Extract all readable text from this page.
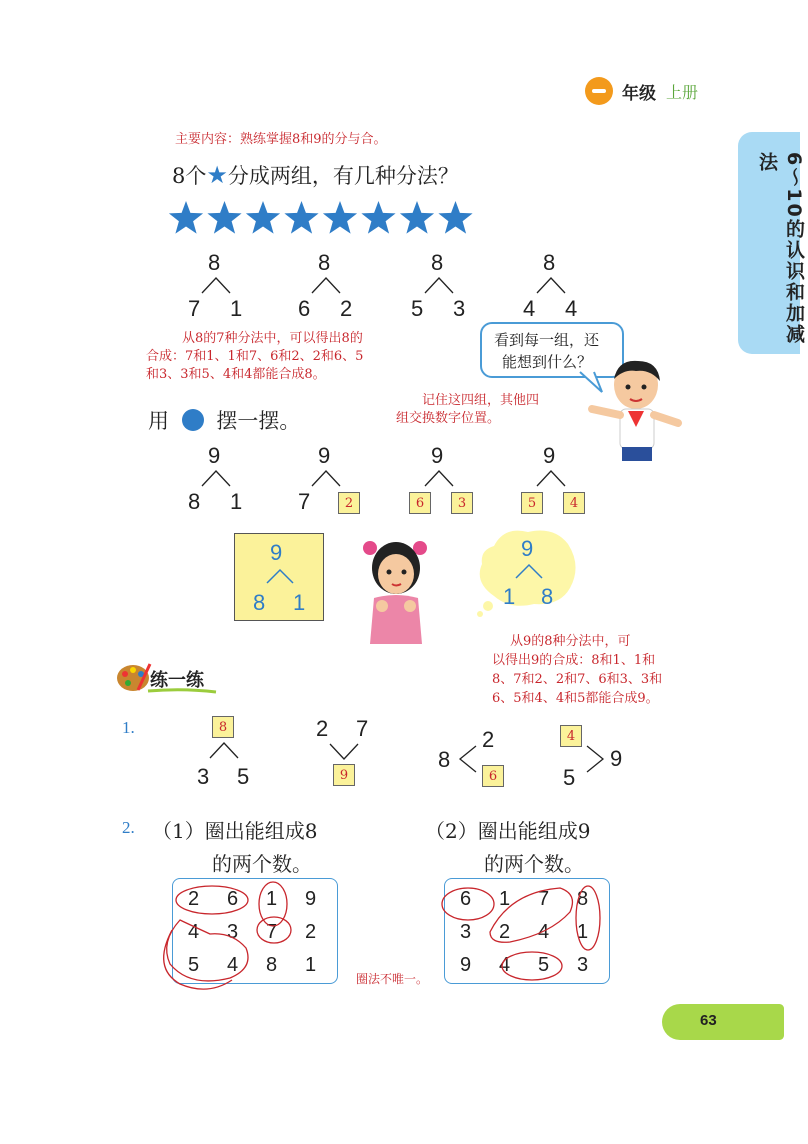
年级 上册
6～10的认识和加减法
主要内容：熟练掌握8和9的分与合。
8个★分成两组，有几种分法？
8
7 1
8
6 2
8
5 3
8
4 4
从8的7种分法中，可以得出8的
合成：7和1、1和7、6和2、2和6、5
和3、3和5、4和4都能合成8。
看到每一组，还
能想到什么？
记住这四组，其他四
组交换数字位置。
用 摆一摆。
9
8 1
9
7	2
9
6	3
9
5	4
9
8 1
9
1 8
从9的8种分法中，可
以得出9的合成：8和1、1和
8、7和2、2和7、6和3、3和
6、5和4、4和5都能合成9。
练一练
1.	8
3 5
2 7
9
8
2
6
4
5
9
2. （1）圈出能组成8
的两个数。
（2）圈出能组成9
的两个数。
2 6 1 9
4 3 7 2
5 4 8 1
6 1 7 8
3 2 4 1
9 4 5 3
圈法不唯一。
63
